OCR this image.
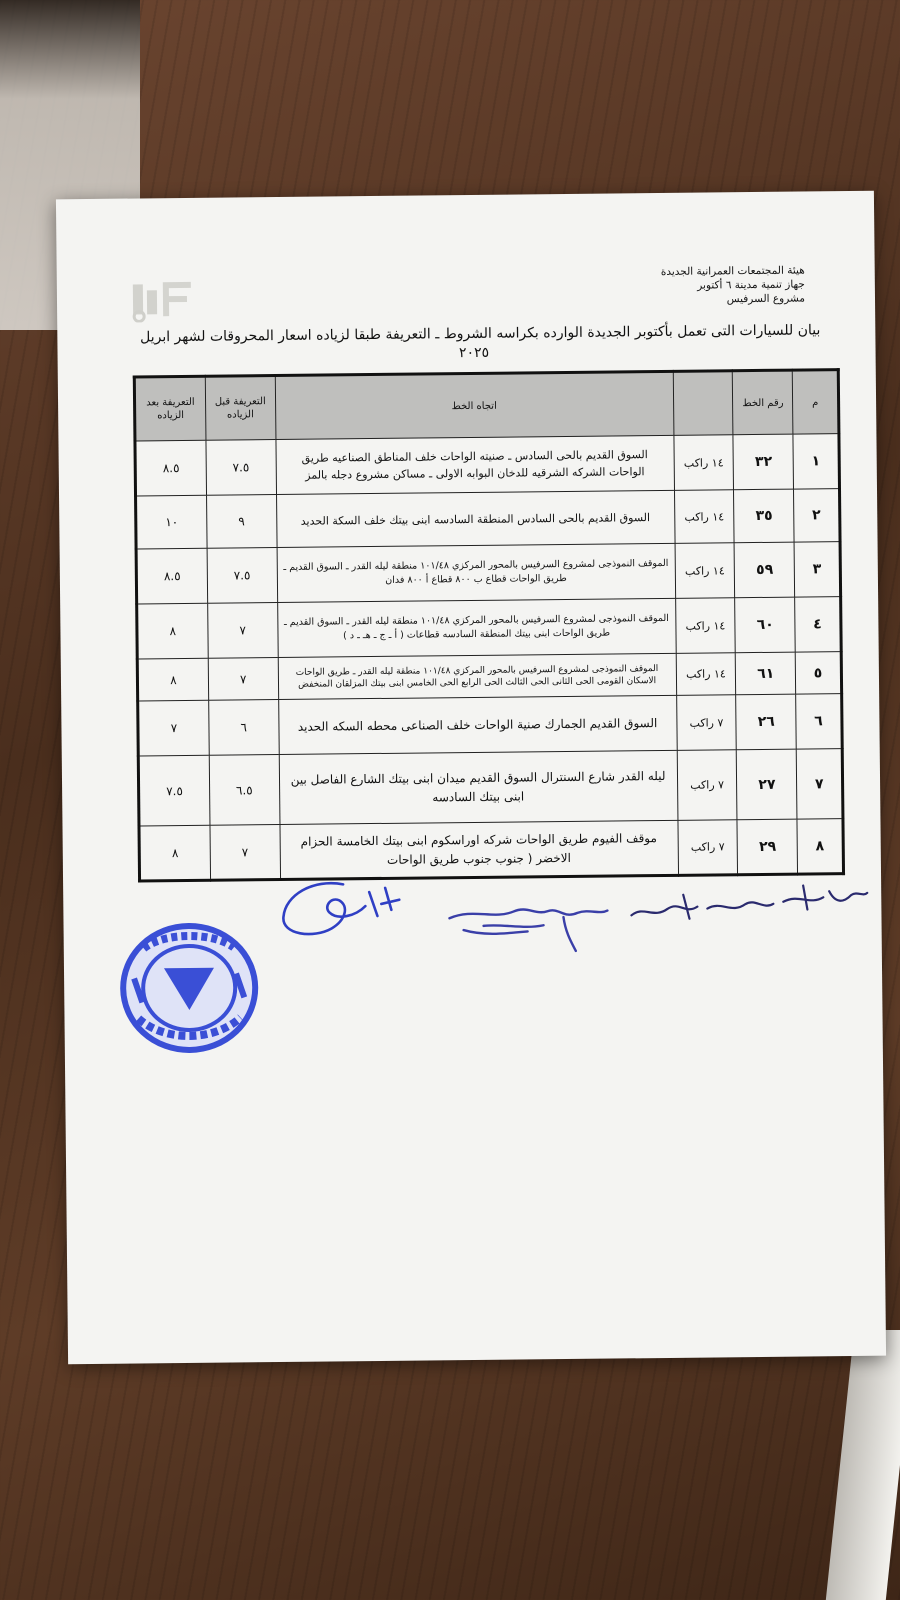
هيئة المجتمعات العمرانية الجديدة
جهاز تنمية مدينة ٦ أكتوبر
مشروع السرفيس
بيان للسيارات التى تعمل بأكتوبر الجديدة الوارده بكراسه الشروط ـ التعريفة طبقا لزياده اسعار المحروقات لشهر ابريل
٢٠٢٥
م	رقم الخط		اتجاه الخط	التعريفة قبل الزياده	التعريفة بعد الزياده
١	٣٢	١٤ راكب	السوق القديم بالحى السادس ـ صنيته الواحات خلف المناطق الصناعيه طريق الواحات الشركه الشرقيه للدخان البوابه الاولى ـ مساكن مشروع دجله بالمز	٧.٥	٨.٥
٢	٣٥	١٤ راكب	السوق القديم بالحى السادس المنطقة السادسه ابنى بيتك خلف السكة الحديد	٩	١٠
٣	٥٩	١٤ راكب	الموقف النموذجى لمشروع السرفيس بالمحور المركزي ١٠١/٤٨ منطقة ليله القدر ـ السوق القديم ـ طريق الواحات قطاع ب ٨٠٠ قطاع أ ٨٠٠ فدان	٧.٥	٨.٥
٤	٦٠	١٤ راكب	الموقف النموذجى لمشروع السرفيس بالمحور المركزي ١٠١/٤٨ منطقة ليله القدر ـ السوق القديم ـ طريق الواحات ابنى بيتك المنطقة السادسه قطاعات ( أ ـ ج ـ هـ ـ د )	٧	٨
٥	٦١	١٤ راكب	الموقف النموذجى لمشروع السرفيس بالمحور المركزي ١٠١/٤٨ منطقة ليله القدر ـ طريق الواحات الاسكان القومى الحى الثانى الحى الثالث الحى الرابع الحى الخامس ابنى بيتك المزلقان المنخفض	٧	٨
٦	٢٦	٧ راكب	السوق القديم الجمارك صنية الواحات خلف الصناعى محطه السكه الحديد	٦	٧
٧	٢٧	٧ راكب	ليله القدر شارع السنترال السوق القديم ميدان ابنى بيتك الشارع الفاصل بين ابنى بيتك السادسه	٦.٥	٧.٥
٨	٢٩	٧ راكب	موقف الفيوم طريق الواحات شركه اوراسكوم ابنى بيتك الخامسة الحزام الاخضر ( جنوب جنوب طريق الواحات	٧	٨
